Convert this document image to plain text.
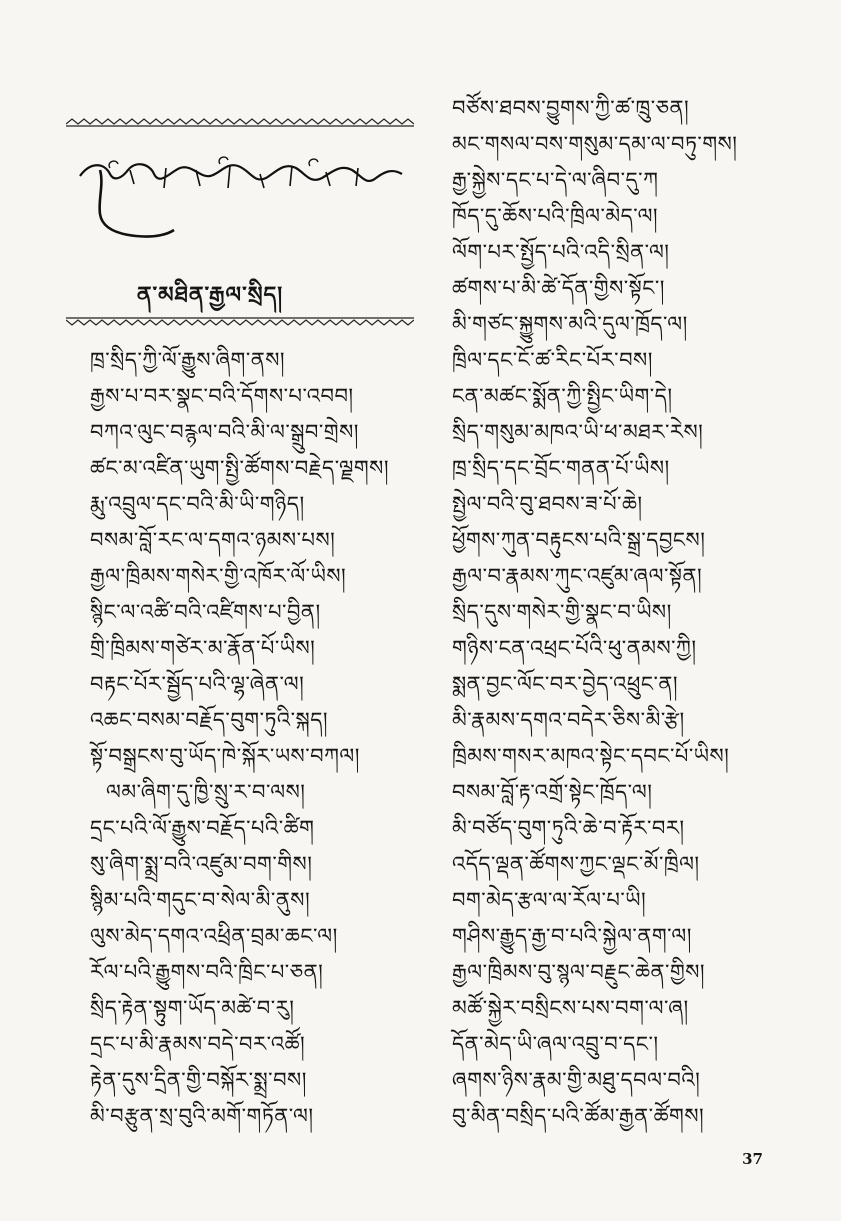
ན་མཐིན་རྒྱལ་སྲིད།
ཁྲ་སྲིད་ཀྱི་ལོ་རྒྱུས་ཞིག་ནས།
རྒྱས་པ་བར་སྣང་བའི་དོགས་པ་འབབ།
བཀའ་ལུང་བརྙལ་བའི་མི་ལ་སྒྲུབ་གྲེས།
ཚང་མ་འཛིན་ཡུག་སྤྱི་ཚོགས་བརྗེད་ལྗགས།
རྨུ་འབྲུལ་དང་བའི་མི་ཡི་གཉིད།
བསམ་བློ་རང་ལ་དགའ་ཉམས་པས།
རྒྱལ་ཁྲིམས་གསེར་གྱི་འཁོར་ལོ་ཡིས།
སྙིང་ལ་འཚི་བའི་འཛིགས་པ་བྱིན།
གྲི་ཁྲིམས་གཙེར་མ་རྣོན་པོ་ཡིས།
བརྟང་པོར་སྦྱོད་པའི་ལྷ་ཞེན་ལ།
འཆང་བསམ་བརྗོད་བུག་ཏུའི་སྐད།
སྟོ་བསྒྲངས་བུ་ཡོད་ཁེ་སྐོར་ཡས་བཀལ།
ལམ་ཞིག་དུ་ཁྱི་སྲུ་ར་བ་ལས།
དྲང་པའི་ལོ་རྒྱུས་བརྗོད་པའི་ཚིག
སུ་ཞིག་སྨྲ་བའི་འཛུམ་བག་གིས།
སྙིམ་པའི་གདུང་བ་སེལ་མི་ནུས།
ལུས་མེད་དགའ་འཕྲིན་བྲམ་ཆང་ལ།
རོལ་པའི་རྒྱུགས་བའི་ཁྲིང་པ་ཅན།
སྲིད་རྟེན་སྟུག་ཡོད་མཚེ་བ་རུ།
དྲང་པ་མི་རྣམས་བདེ་བར་འཚོ།
རྟེན་དུས་དྲིན་གྱི་བསྐོར་སྨྲ་བས།
མི་བརྩུན་སྲ་བུའི་མགོ་གཏོན་ལ།
བཙོས་ཐབས་བྱུགས་ཀྱི་ཚ་ཁྲུ་ཅན།
མང་གསལ་བས་གསུམ་དམ་ལ་བཏུ་གས།
རྒྱ་སྐྱེས་དང་པ་དེ་ལ་ཞིབ་དུ་ཀ
ཁོད་དུ་ཆོས་པའི་ཁྲིལ་མེད་ལ།
ལོག་པར་སྤྱོད་པའི་འདི་སྲིན་ལ།
ཚགས་པ་མི་ཚེ་དོན་གྱིས་སྟོང་།
མི་གཙང་སྐྱུགས་མའི་དུལ་ཁྲོད་ལ།
ཁྲིལ་དང་ངོ་ཚ་རིང་པོར་བས།
ངན་མཚང་སྨོན་ཀྱི་སྤྱིང་ཡིག་དེ།
སྲིད་གསུམ་མཁའ་ཡི་ཕ་མཐར་རེས།
ཁྲ་སྲིད་དང་བྲོང་གནན་པོ་ཡིས།
སྤྱེལ་བའི་བུ་ཐབས་ཟ་པོ་ཆེ།
ཕྱོགས་ཀུན་བརྟུངས་པའི་སྒྲ་དབྱངས།
རྒྱལ་བ་རྣམས་ཀུང་འཛུམ་ཞལ་སྟོན།
སྲིད་དུས་གསེར་གྱི་སྣང་བ་ཡིས།
གཉིས་ངན་འཕྲང་པོའི་ཕུ་ནམས་ཀྱི།
སྨན་བྱང་ལོང་བར་བྱེད་འཕྲུང་ན།
མི་རྣམས་དགའ་བདེར་ཅིས་མི་རྩེ།
ཁྲིམས་གསར་མཁའ་སྟེང་དབང་པོ་ཡིས།
བསམ་བློ་རྟ་འགྲོ་སྟེང་ཁྲོད་ལ།
མི་བཙོད་བུག་ཏུའི་ཆེ་བ་རྟོར་བར།
འདོད་ལྡན་ཚོགས་ཀྱང་ལྡང་མོ་ཁྲིལ།
བག་མེད་རྩལ་ལ་རོལ་པ་ཡི།
གཤིས་རྒྱུད་རྒྱ་བ་པའི་སྐྱེལ་ནག་ལ།
རྒྱལ་ཁྲིམས་བུ་སྙལ་བརྗུང་ཆེན་གྱིས།
མཚོ་སྐྱེར་བསྲིངས་པས་བག་ལ་ཞ།
དོན་མེད་ཡི་ཞལ་འབྲུ་བ་དང་།
ཞགས་ཉིས་རྣམ་གྱི་མཐུ་དབལ་བའི།
བུ་མིན་བསྲིད་པའི་ཚོམ་རྒྱན་ཚོགས།
37
